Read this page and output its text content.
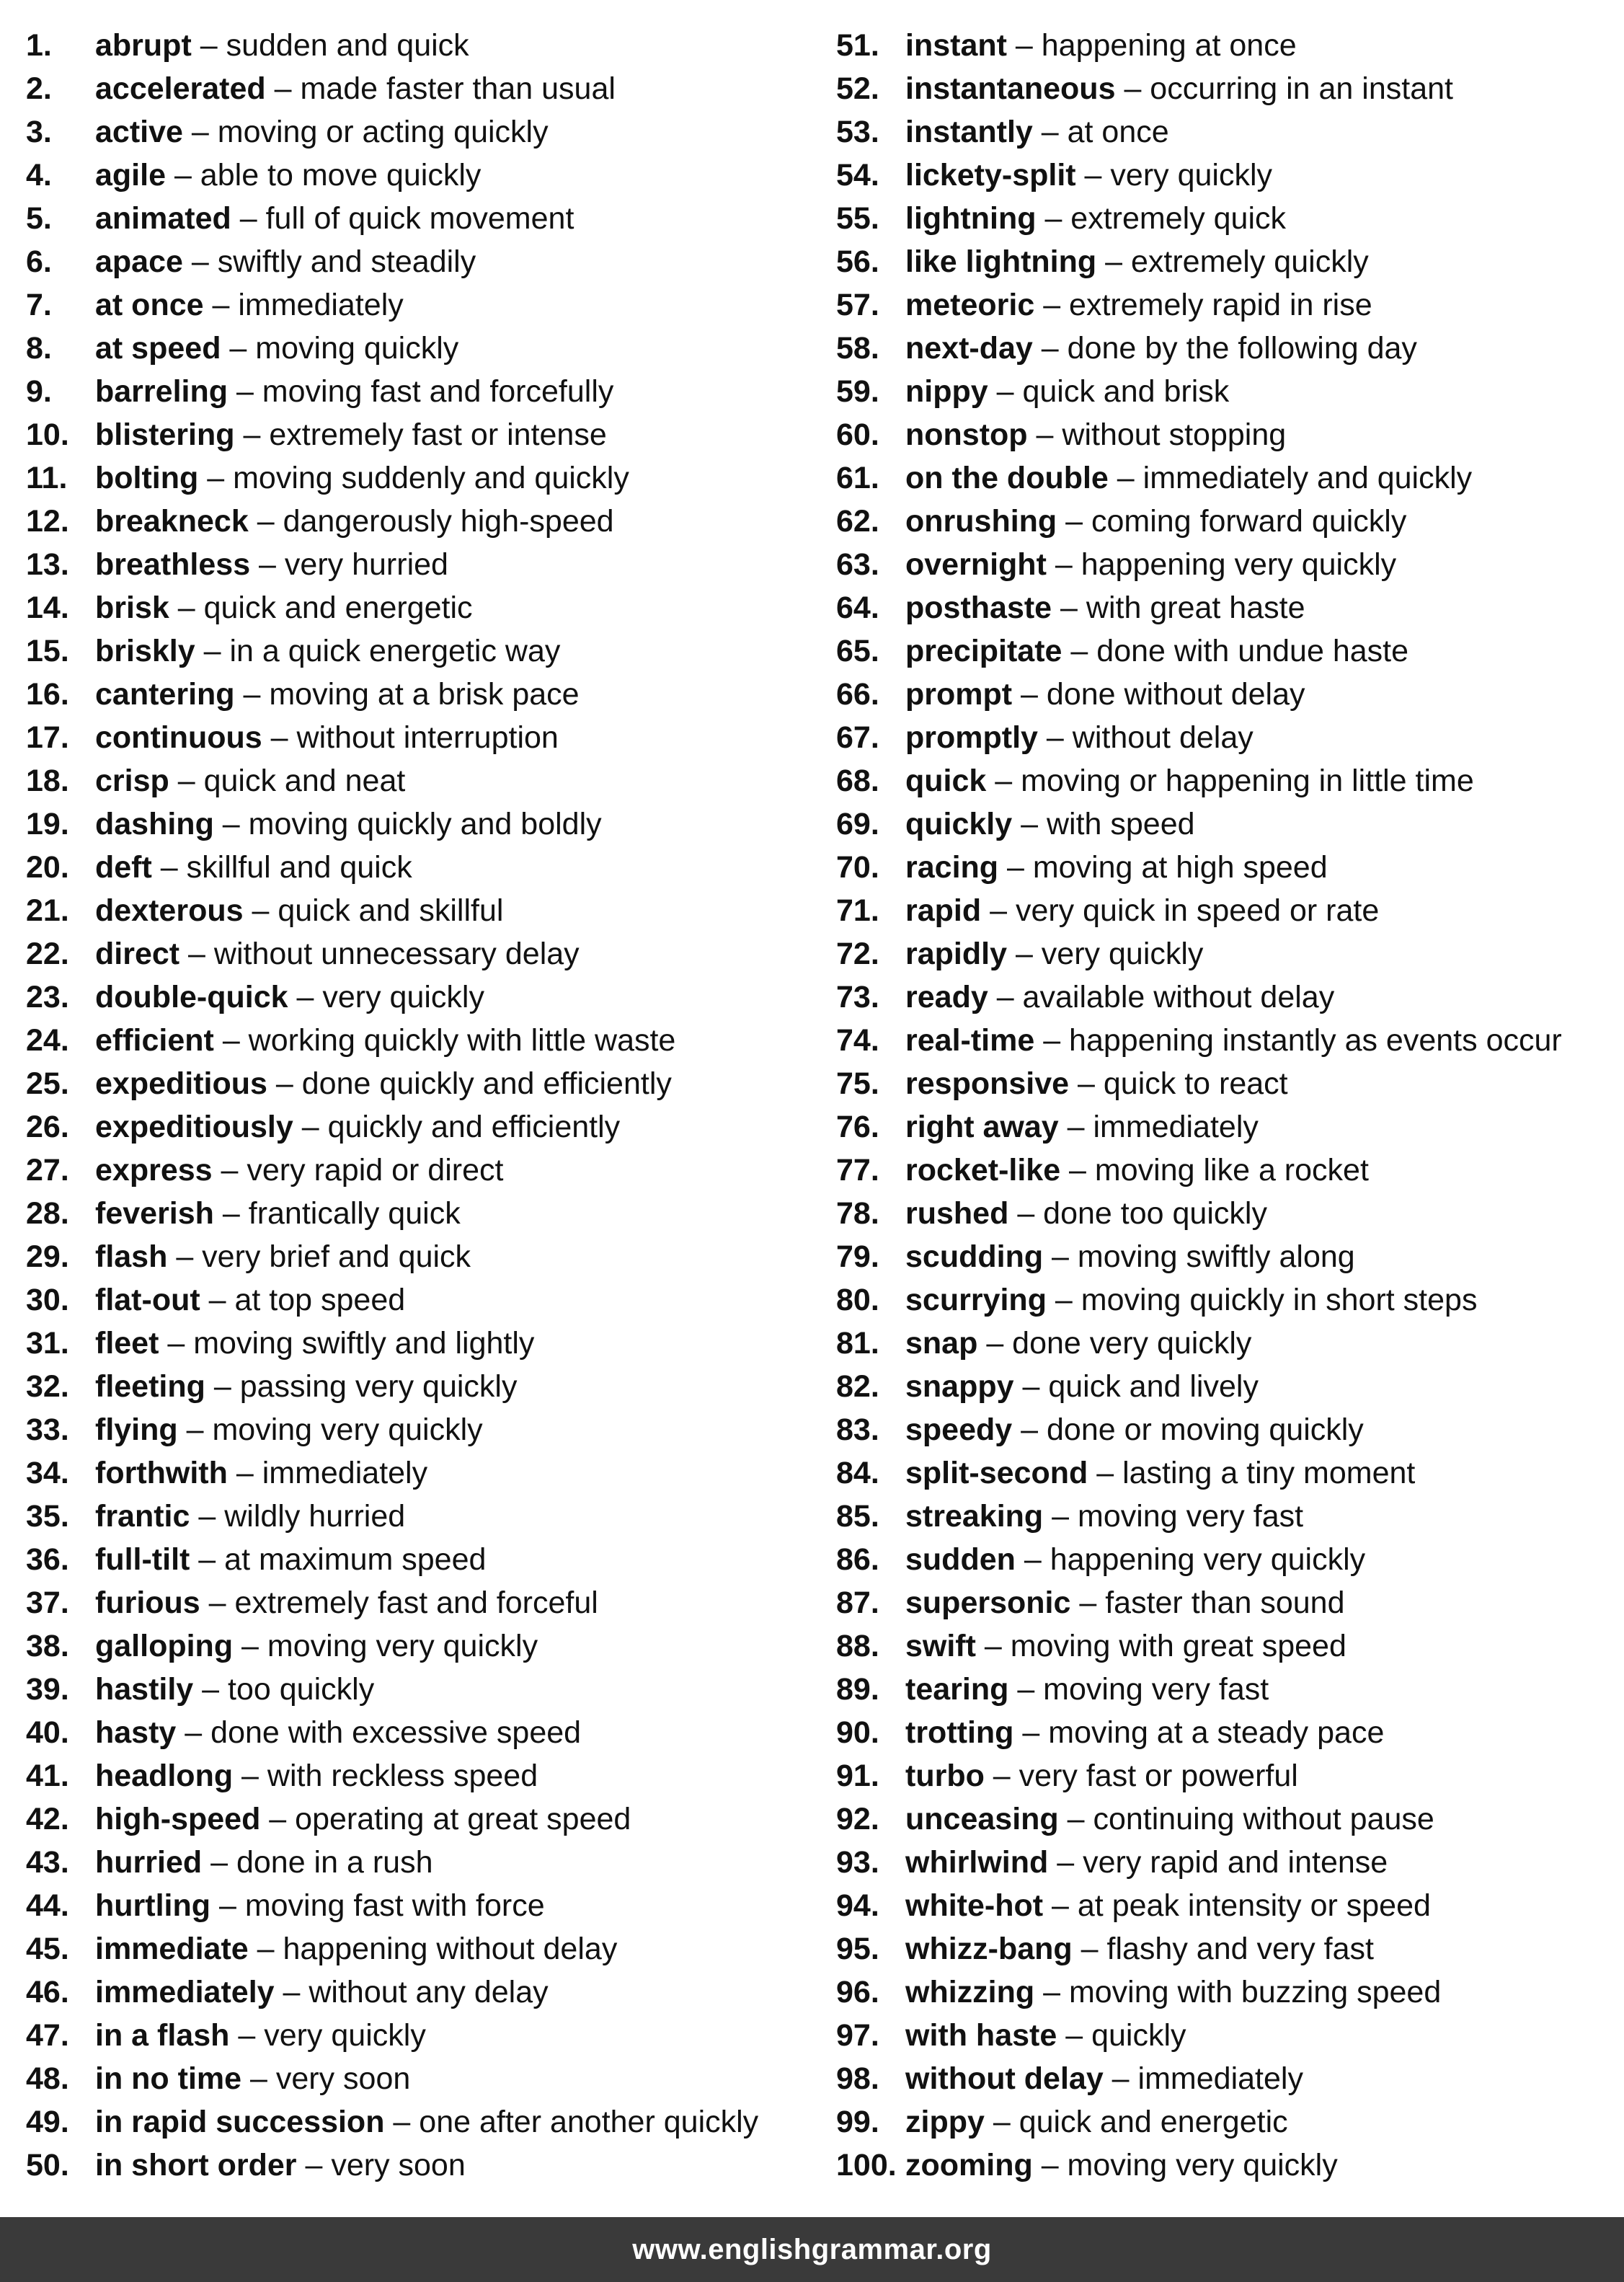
1.	abrupt – sudden and quick
2.	accelerated – made faster than usual
3.	active – moving or acting quickly
4.	agile – able to move quickly
5.	animated – full of quick movement
6.	apace – swiftly and steadily
7.	at once – immediately
8.	at speed – moving quickly
9.	barreling – moving fast and forcefully
10. blistering – extremely fast or intense
11. bolting – moving suddenly and quickly
12. breakneck – dangerously high-speed
13. breathless – very hurried
14. brisk – quick and energetic
15. briskly – in a quick energetic way
16. cantering – moving at a brisk pace
17. continuous – without interruption
18. crisp – quick and neat
19. dashing – moving quickly and boldly
20. deft – skillful and quick
21. dexterous – quick and skillful
22. direct – without unnecessary delay
23. double-quick – very quickly
24. efficient – working quickly with little waste
25. expeditious – done quickly and efficiently
26. expeditiously – quickly and efficiently
27. express – very rapid or direct
28. feverish – frantically quick
29. flash – very brief and quick
30. flat-out – at top speed
31. fleet – moving swiftly and lightly
32. fleeting – passing very quickly
33. flying – moving very quickly
34. forthwith – immediately
35. frantic – wildly hurried
36. full-tilt – at maximum speed
37. furious – extremely fast and forceful
38. galloping – moving very quickly
39. hastily – too quickly
40. hasty – done with excessive speed
41. headlong – with reckless speed
42. high-speed – operating at great speed
43. hurried – done in a rush
44. hurtling – moving fast with force
45. immediate – happening without delay
46. immediately – without any delay
47. in a flash – very quickly
48. in no time – very soon
49. in rapid succession – one after another quickly
50. in short order – very soon
51. instant – happening at once
52. instantaneous – occurring in an instant
53. instantly – at once
54. lickety-split – very quickly
55. lightning – extremely quick
56. like lightning – extremely quickly
57. meteoric – extremely rapid in rise
58. next-day – done by the following day
59. nippy – quick and brisk
60. nonstop – without stopping
61. on the double – immediately and quickly
62. onrushing – coming forward quickly
63. overnight – happening very quickly
64. posthaste – with great haste
65. precipitate – done with undue haste
66. prompt – done without delay
67. promptly – without delay
68. quick – moving or happening in little time
69. quickly – with speed
70. racing – moving at high speed
71. rapid – very quick in speed or rate
72. rapidly – very quickly
73. ready – available without delay
74. real-time – happening instantly as events occur
75. responsive – quick to react
76. right away – immediately
77. rocket-like – moving like a rocket
78. rushed – done too quickly
79. scudding – moving swiftly along
80. scurrying – moving quickly in short steps
81. snap – done very quickly
82. snappy – quick and lively
83. speedy – done or moving quickly
84. split-second – lasting a tiny moment
85. streaking – moving very fast
86. sudden – happening very quickly
87. supersonic – faster than sound
88. swift – moving with great speed
89. tearing – moving very fast
90. trotting – moving at a steady pace
91. turbo – very fast or powerful
92. unceasing – continuing without pause
93. whirlwind – very rapid and intense
94. white-hot – at peak intensity or speed
95. whizz-bang – flashy and very fast
96. whizzing – moving with buzzing speed
97. with haste – quickly
98. without delay – immediately
99. zippy – quick and energetic
100. zooming – moving very quickly
www.englishgrammar.org
